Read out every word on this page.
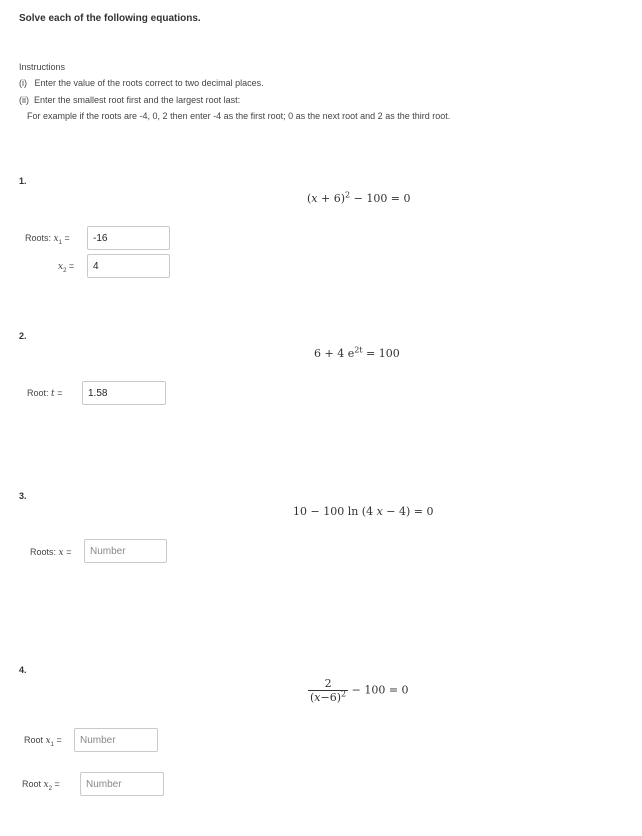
Solve each of the following equations.
Instructions
(i) Enter the value of the roots correct to two decimal places.
(ii) Enter the smallest root first and the largest root last:
For example if the roots are -4, 0, 2 then enter -4 as the first root; 0 as the next root and 2 as the third root.
1.
$(x + 6)^2 - 100 = 0$
Roots: $x_1$ =
-16
$x_2$ =
4
2.
6 + 4 $e^{2t} = 100$
Root: t =
1.58
3.
10 − 100 ln (4 x − 4) = 0
Roots: x =
Number
4.
$\frac{2}{(x-6)^2} - 100 = 0$
Root $x_1$ =
Number
Root $x_2$ =
Number
